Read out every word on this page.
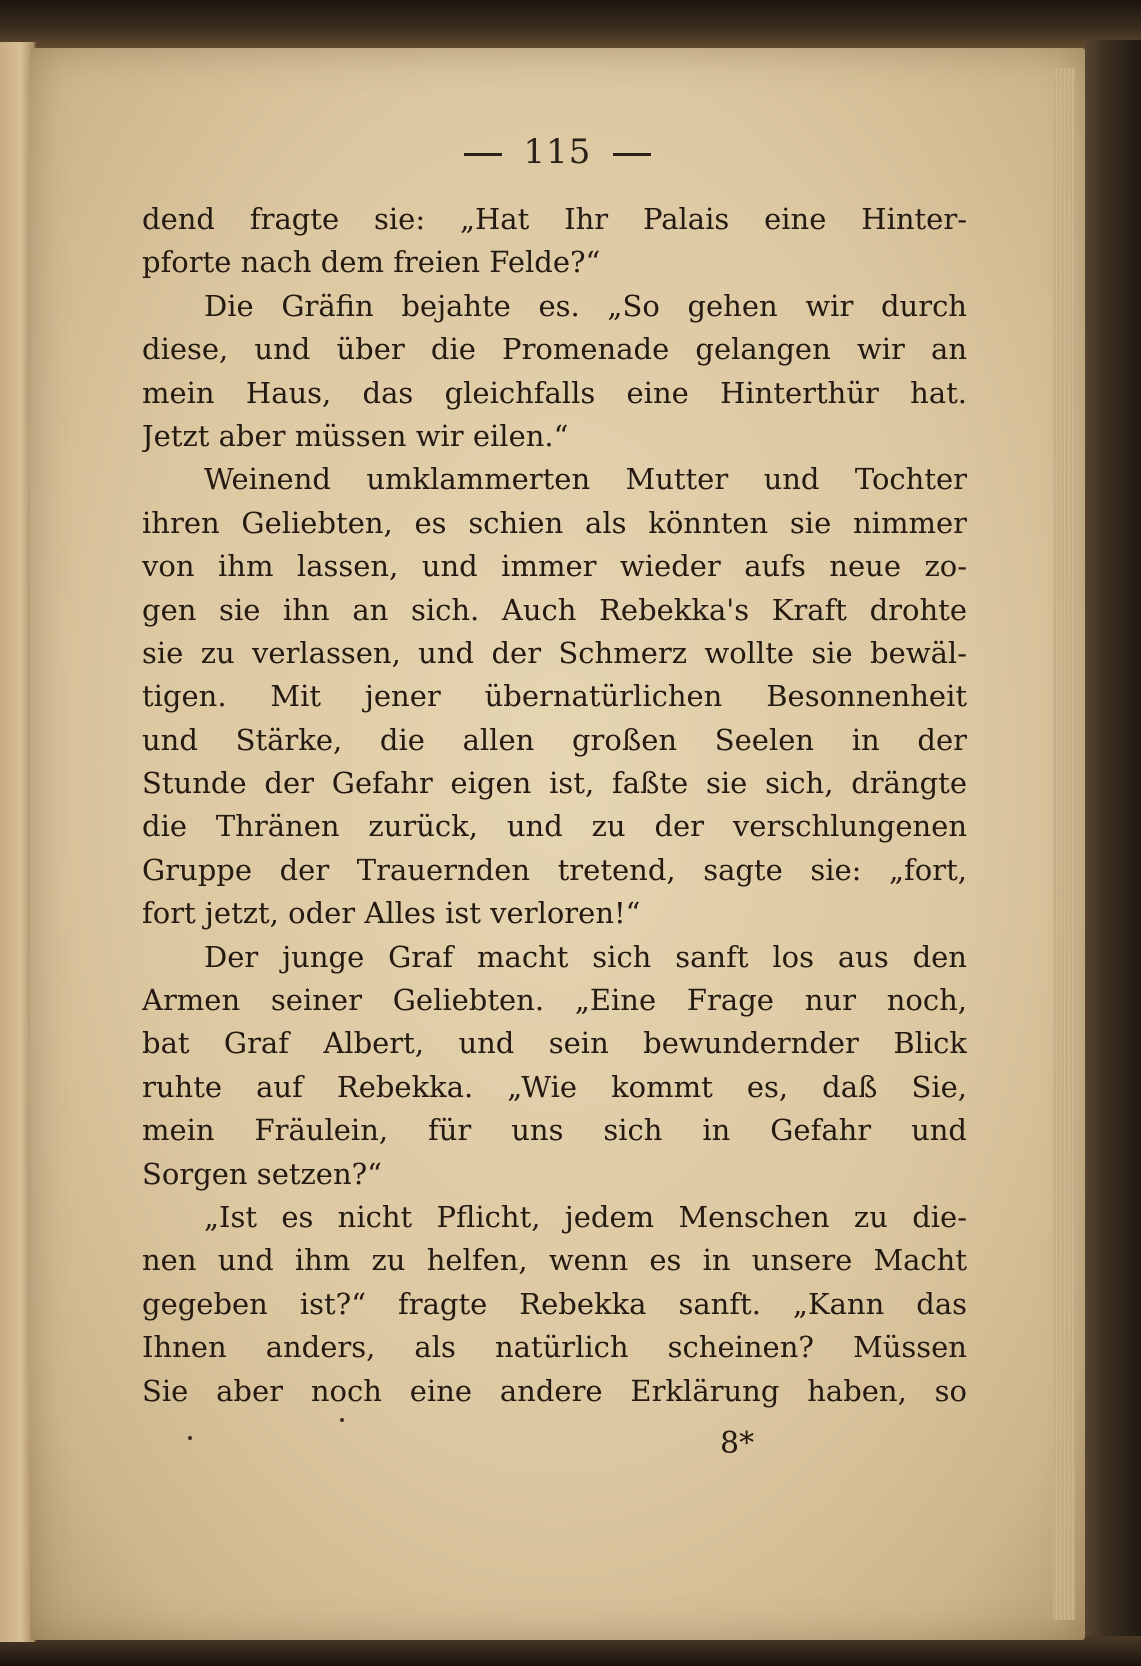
115
dend fragte sie: „Hat Ihr Palais eine Hinter-
pforte nach dem freien Felde?“
Die Gräfin bejahte es. „So gehen wir durch
diese, und über die Promenade gelangen wir an
mein Haus, das gleichfalls eine Hinterthür hat.
Jetzt aber müssen wir eilen.“
Weinend umklammerten Mutter und Tochter
ihren Geliebten, es schien als könnten sie nimmer
von ihm lassen, und immer wieder aufs neue zo-
gen sie ihn an sich. Auch Rebekka's Kraft drohte
sie zu verlassen, und der Schmerz wollte sie bewäl-
tigen. Mit jener übernatürlichen Besonnenheit
und Stärke, die allen großen Seelen in der
Stunde der Gefahr eigen ist, faßte sie sich, drängte
die Thränen zurück, und zu der verschlungenen
Gruppe der Trauernden tretend, sagte sie: „fort,
fort jetzt, oder Alles ist verloren!“
Der junge Graf macht sich sanft los aus den
Armen seiner Geliebten. „Eine Frage nur noch,
bat Graf Albert, und sein bewundernder Blick
ruhte auf Rebekka. „Wie kommt es, daß Sie,
mein Fräulein, für uns sich in Gefahr und
Sorgen setzen?“
„Ist es nicht Pflicht, jedem Menschen zu die-
nen und ihm zu helfen, wenn es in unsere Macht
gegeben ist?“ fragte Rebekka sanft. „Kann das
Ihnen anders, als natürlich scheinen? Müssen
Sie aber noch eine andere Erklärung haben, so
8*
